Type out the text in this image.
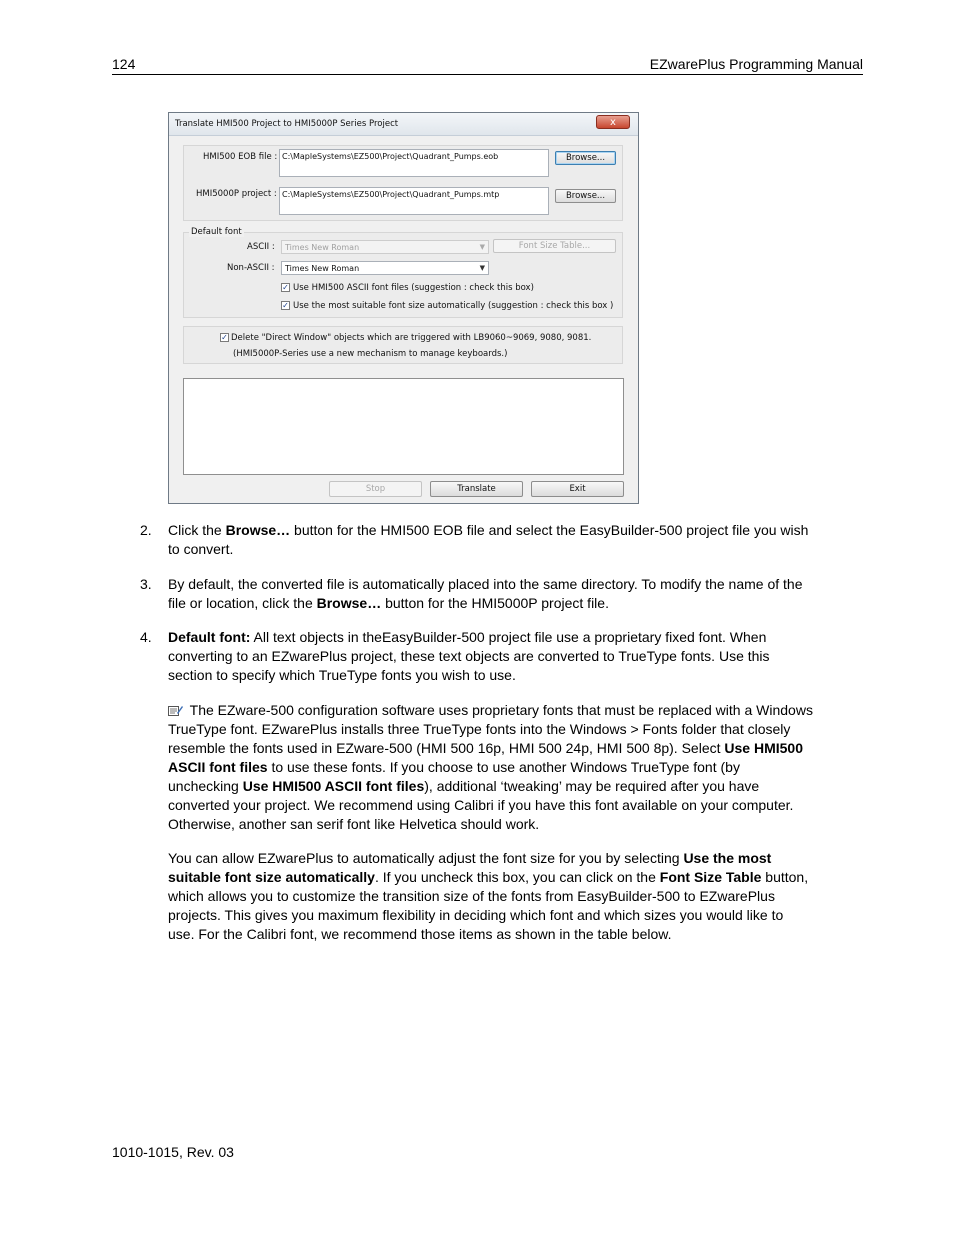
124	EZwarePlus Programming Manual
Translate HMI500 Project to HMI5000P Series Project	x
HMI500 EOB file : C:\MapleSystems\EZ500\Project\Quadrant_Pumps.eob	Browse...
HMI5000P project : C:\MapleSystems\EZ500\Project\Quadrant_Pumps.mtp	Browse...
Default font
ASCII :	Times New Roman	▼	Font Size Table...
Non-ASCII :	Times New Roman	▼
✓ Use HMI500 ASCII font files (suggestion : check this box)
✓ Use the most suitable font size automatically (suggestion : check this box )
✓ Delete "Direct Window" objects which are triggered with LB9060~9069, 9080, 9081.
(HMI5000P-Series use a new mechanism to manage keyboards.)
Stop	Translate	Exit
2. Click the Browse… button for the HMI500 EOB file and select the EasyBuilder-500 project file you wish to convert.
3. By default, the converted file is automatically placed into the same directory. To modify the name of the file or location, click the Browse… button for the HMI5000P project file.
4. Default font: All text objects in theEasyBuilder-500 project file use a proprietary fixed font. When converting to an EZwarePlus project, these text objects are converted to TrueType fonts. Use this section to specify which TrueType fonts you wish to use.
The EZware-500 configuration software uses proprietary fonts that must be replaced with a Windows TrueType font. EZwarePlus installs three TrueType fonts into the Windows > Fonts folder that closely resemble the fonts used in EZware-500 (HMI 500 16p, HMI 500 24p, HMI 500 8p). Select Use HMI500 ASCII font files to use these fonts. If you choose to use another Windows TrueType font (by unchecking Use HMI500 ASCII font files), additional ‘tweaking’ may be required after you have converted your project. We recommend using Calibri if you have this font available on your computer. Otherwise, another san serif font like Helvetica should work.
You can allow EZwarePlus to automatically adjust the font size for you by selecting Use the most suitable font size automatically. If you uncheck this box, you can click on the Font Size Table button, which allows you to customize the transition size of the fonts from EasyBuilder-500 to EZwarePlus projects. This gives you maximum flexibility in deciding which font and which sizes you would like to use. For the Calibri font, we recommend those items as shown in the table below.
1010-1015, Rev. 03
